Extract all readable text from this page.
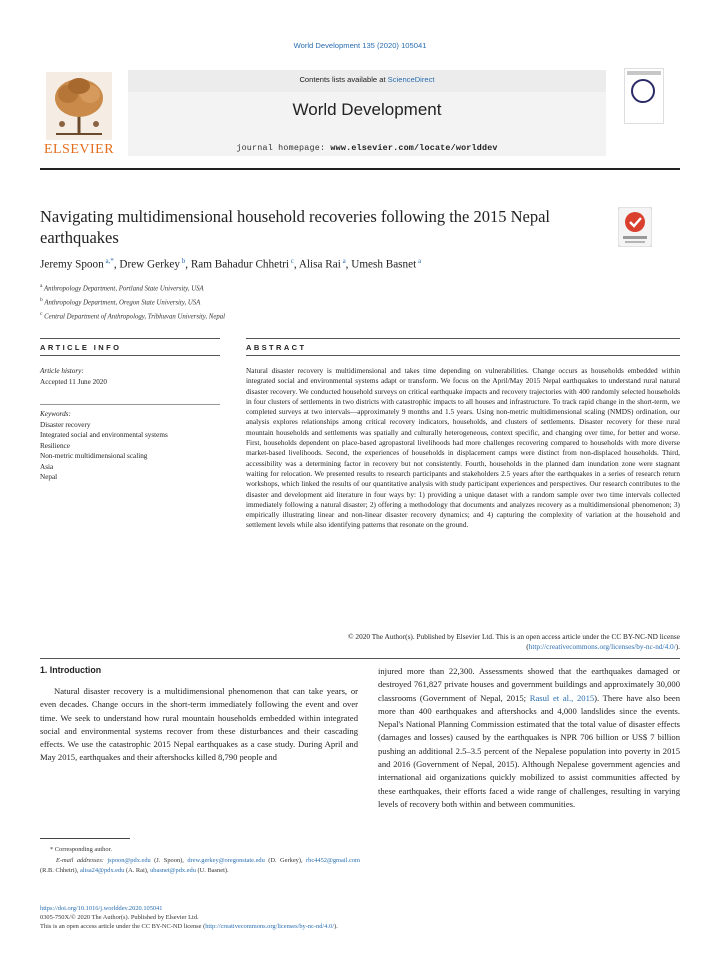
World Development 135 (2020) 105041
ELSEVIER
Contents lists available at ScienceDirect
World Development
journal homepage: www.elsevier.com/locate/worlddev
Navigating multidimensional household recoveries following the 2015 Nepal earthquakes
Jeremy Spoon $^{a,*}$, Drew Gerkey $^b$, Ram Bahadur Chhetri $^c$, Alisa Rai $^a$, Umesh Basnet $^a$
$^a$ Anthropology Department, Portland State University, USA
$^b$ Anthropology Department, Oregon State University, USA
$^c$ Central Department of Anthropology, Tribhuvan University, Nepal
ARTICLE INFO	ABSTRACT
Article history:
Accepted 11 June 2020
Keywords:
Disaster recovery
Integrated social and environmental systems
Resilience
Non-metric multidimensional scaling
Asia
Nepal
Natural disaster recovery is multidimensional and takes time depending on vulnerabilities. Change occurs as households embedded within integrated social and environmental systems adapt or transform. We focus on the April/May 2015 Nepal earthquakes to understand rural natural disaster recovery. We conducted household surveys on critical earthquake impacts and recovery trajectories with 400 randomly selected households in four clusters of settlements in two districts with catastrophic impacts to all houses and infrastructure. To track rapid change in the short-term, we completed surveys at two intervals—approximately 9 months and 1.5 years. Using non-metric multidimensional scaling (NMDS) ordination, our analysis explores relationships among critical recovery indicators, households, and clusters of settlements. Disaster recovery for these rural mountain households and settlements was spatially and culturally heterogeneous, context specific, and changing over time, for better and worse. First, households dependent on place-based agropastoral livelihoods had more challenges recovering compared to households with more diverse market-based livelihoods. Second, the experiences of households in displacement camps were distinct from non-displaced households. Third, accessibility was a determining factor in recovery but not consistently. Fourth, households in the planned dam inundation zone were stagnant waiting for relocation. We presented results to research participants and stakeholders 2.5 years after the earthquakes in a series of research return workshops, which linked the results of our quantitative analysis with study participant experiences and perspectives. Our research contributes to the disaster and development aid literature in four ways by: 1) providing a unique dataset with a random sample over two time intervals collected immediately following a natural disaster; 2) offering a methodology that documents and analyzes recovery as a multidimensional phenomenon; 3) empirically illustrating linear and non-linear disaster recovery dynamics; and 4) capturing the complexity of variation at the household and settlement levels while also identifying patterns that resonate on the ground.
© 2020 The Author(s). Published by Elsevier Ltd. This is an open access article under the CC BY-NC-ND license (http://creativecommons.org/licenses/by-nc-nd/4.0/).
1. Introduction
Natural disaster recovery is a multidimensional phenomenon that can take years, or even decades. Change occurs in the short-term immediately following the event and over time. We seek to understand how rural mountain households embedded within integrated social and environmental systems recover from these disturbances and their cascading effects. We use the catastrophic 2015 Nepal earthquakes as a case study. During April and May 2015, earthquakes and their aftershocks killed 8,790 people and
injured more than 22,300. Assessments showed that the earthquakes damaged or destroyed 761,827 private houses and government buildings and approximately 30,000 classrooms (Government of Nepal, 2015; Rasul et al., 2015). There have also been more than 400 earthquakes and aftershocks and 4,000 landslides since the events. Nepal's National Planning Commission estimated that the total value of disaster effects (damages and losses) caused by the earthquakes is NPR 706 billion or US$ 7 billion pushing an additional 2.5–3.5 percent of the Nepalese population into poverty in 2015 and 2016 (Government of Nepal, 2015). Although Nepalese government agencies and international aid organizations quickly mobilized to assist communities affected by these earthquakes, their efforts faced a wide range of challenges, resulting in varying levels of recovery both within and between communities.
* Corresponding author.
E-mail addresses: jspoon@pdx.edu (J. Spoon), drew.gerkey@oregonstate.edu (D. Gerkey), rbc4452@gmail.com (R.B. Chhetri), alisa24@pdx.edu (A. Rai), ubasnet@pdx.edu (U. Basnet).
https://doi.org/10.1016/j.worlddev.2020.105041
0305-750X/© 2020 The Author(s). Published by Elsevier Ltd.
This is an open access article under the CC BY-NC-ND license (http://creativecommons.org/licenses/by-nc-nd/4.0/).
